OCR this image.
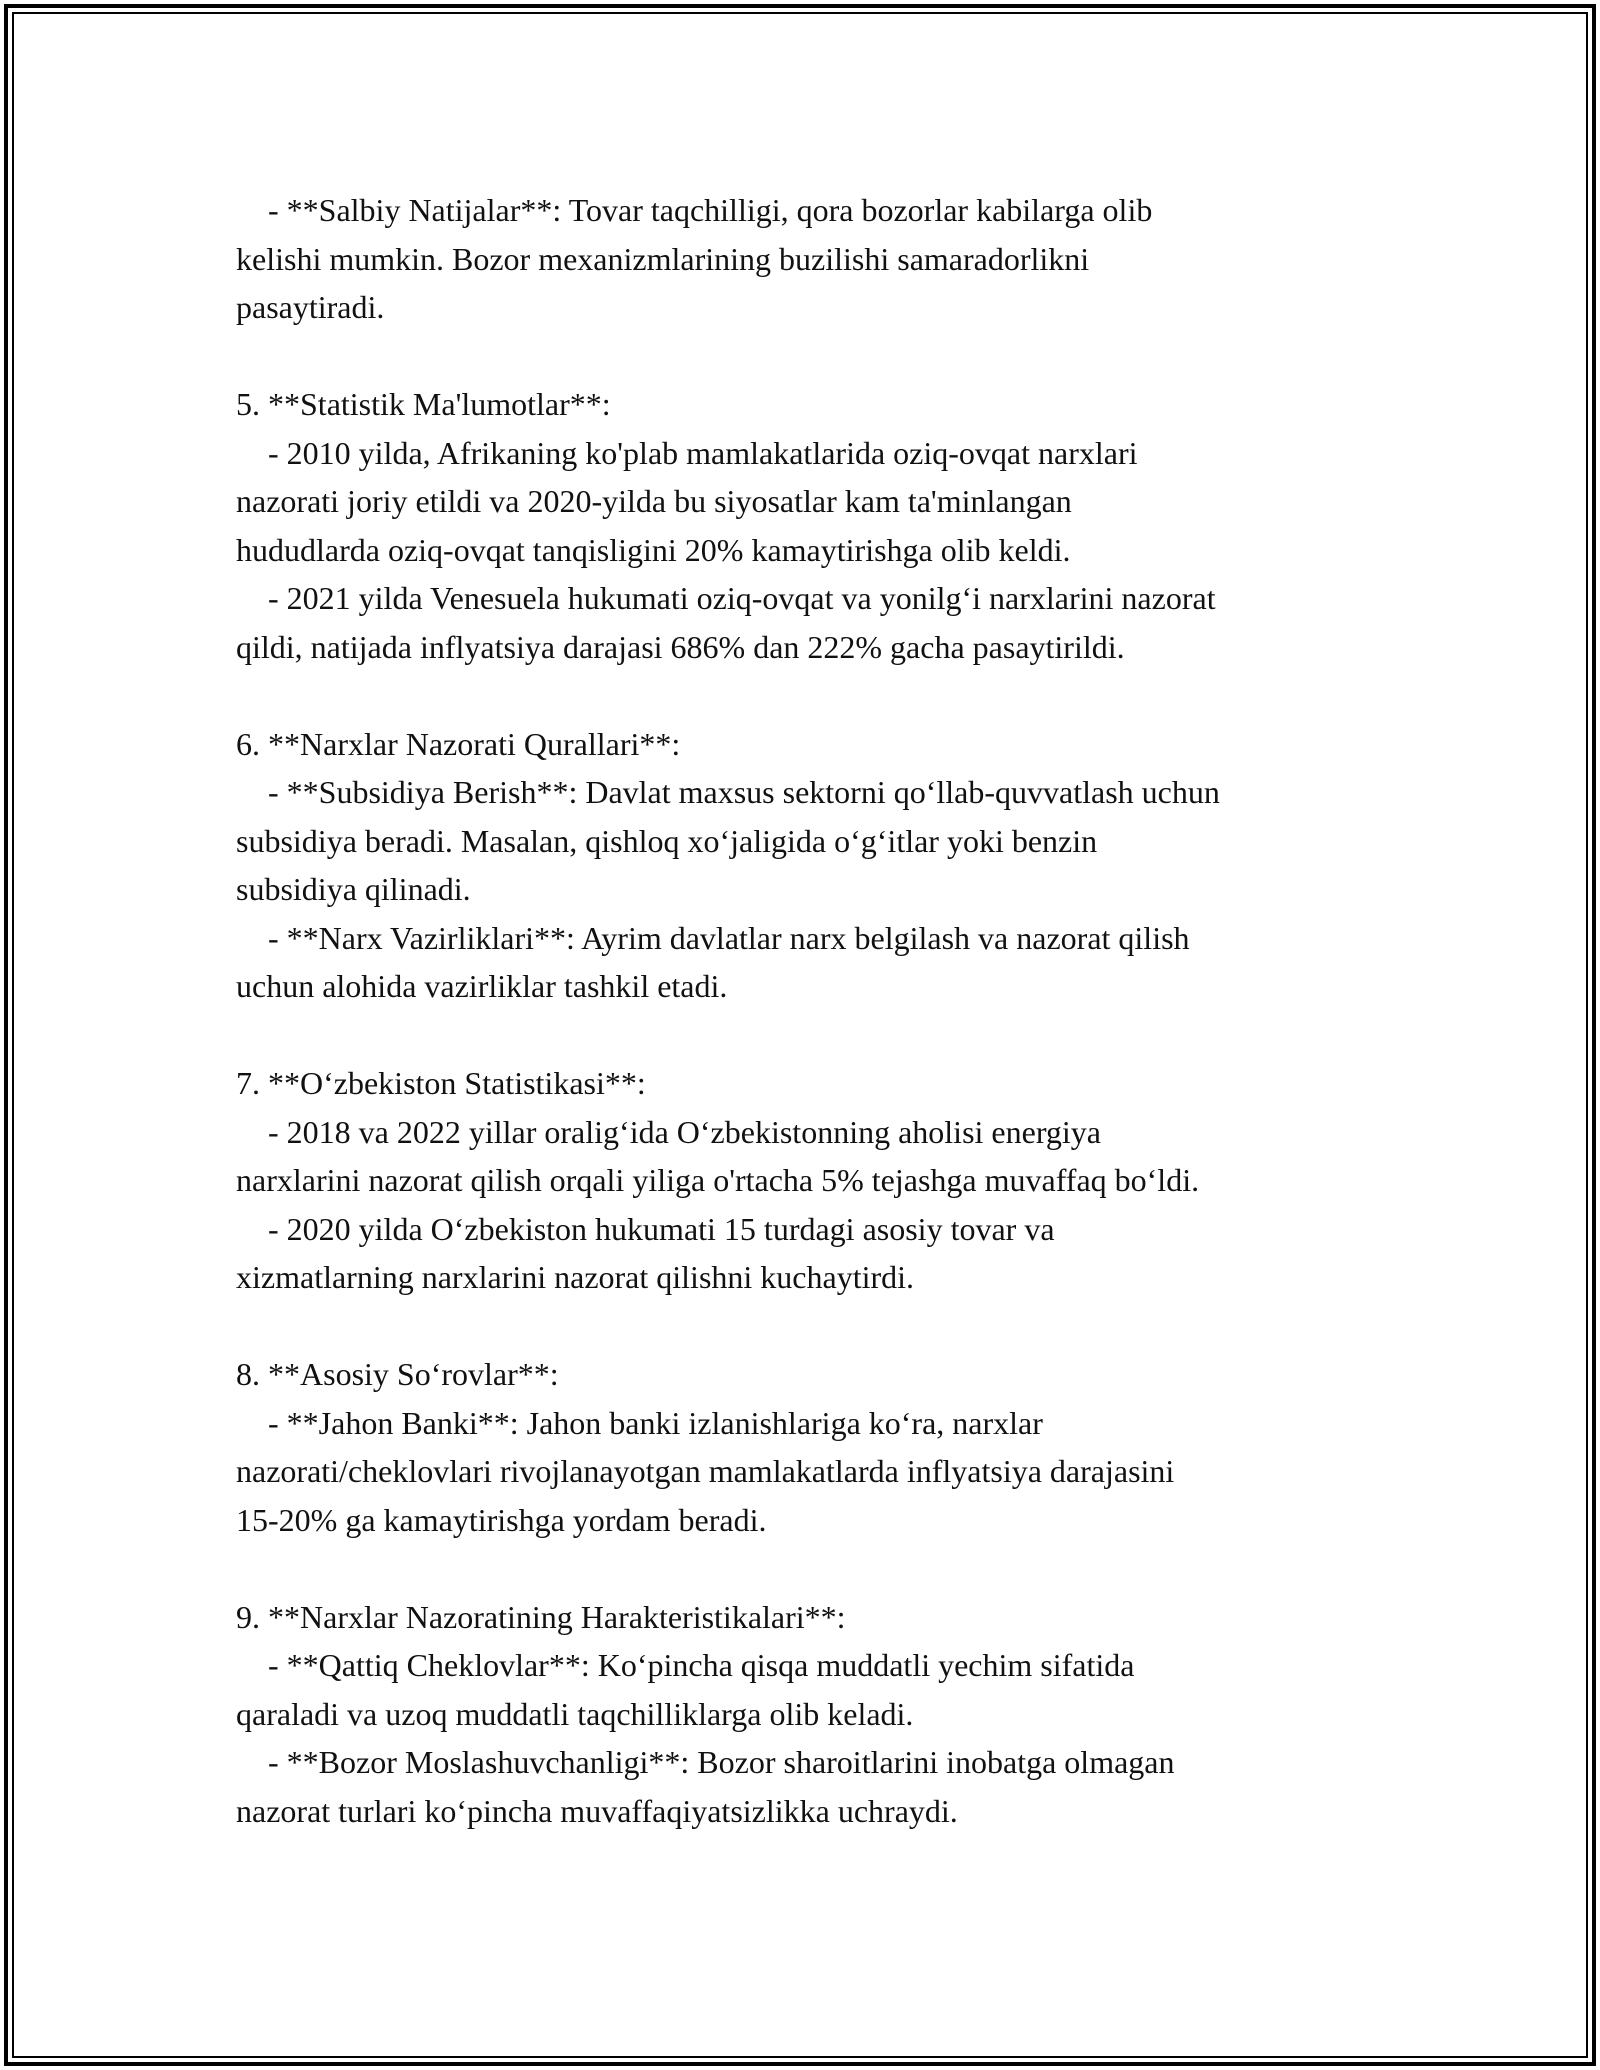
- **Salbiy Natijalar**: Tovar taqchilligi, qora bozorlar kabilarga olib
kelishi mumkin. Bozor mexanizmlarining buzilishi samaradorlikni
pasaytiradi.
5. **Statistik Ma'lumotlar**:
- 2010 yilda, Afrikaning ko'plab mamlakatlarida oziq-ovqat narxlari
nazorati joriy etildi va 2020-yilda bu siyosatlar kam ta'minlangan
hududlarda oziq-ovqat tanqisligini 20% kamaytirishga olib keldi.
- 2021 yilda Venesuela hukumati oziq-ovqat va yonilg‘i narxlarini nazorat
qildi, natijada inflyatsiya darajasi 686% dan 222% gacha pasaytirildi.
6. **Narxlar Nazorati Qurallari**:
- **Subsidiya Berish**: Davlat maxsus sektorni qo‘llab-quvvatlash uchun
subsidiya beradi. Masalan, qishloq xo‘jaligida o‘g‘itlar yoki benzin
subsidiya qilinadi.
- **Narx Vazirliklari**: Ayrim davlatlar narx belgilash va nazorat qilish
uchun alohida vazirliklar tashkil etadi.
7. **O‘zbekiston Statistikasi**:
- 2018 va 2022 yillar oralig‘ida O‘zbekistonning aholisi energiya
narxlarini nazorat qilish orqali yiliga o'rtacha 5% tejashga muvaffaq bo‘ldi.
- 2020 yilda O‘zbekiston hukumati 15 turdagi asosiy tovar va
xizmatlarning narxlarini nazorat qilishni kuchaytirdi.
8. **Asosiy So‘rovlar**:
- **Jahon Banki**: Jahon banki izlanishlariga ko‘ra, narxlar
nazorati/cheklovlari rivojlanayotgan mamlakatlarda inflyatsiya darajasini
15-20% ga kamaytirishga yordam beradi.
9. **Narxlar Nazoratining Harakteristikalari**:
- **Qattiq Cheklovlar**: Ko‘pincha qisqa muddatli yechim sifatida
qaraladi va uzoq muddatli taqchilliklarga olib keladi.
- **Bozor Moslashuvchanligi**: Bozor sharoitlarini inobatga olmagan
nazorat turlari ko‘pincha muvaffaqiyatsizlikka uchraydi.
